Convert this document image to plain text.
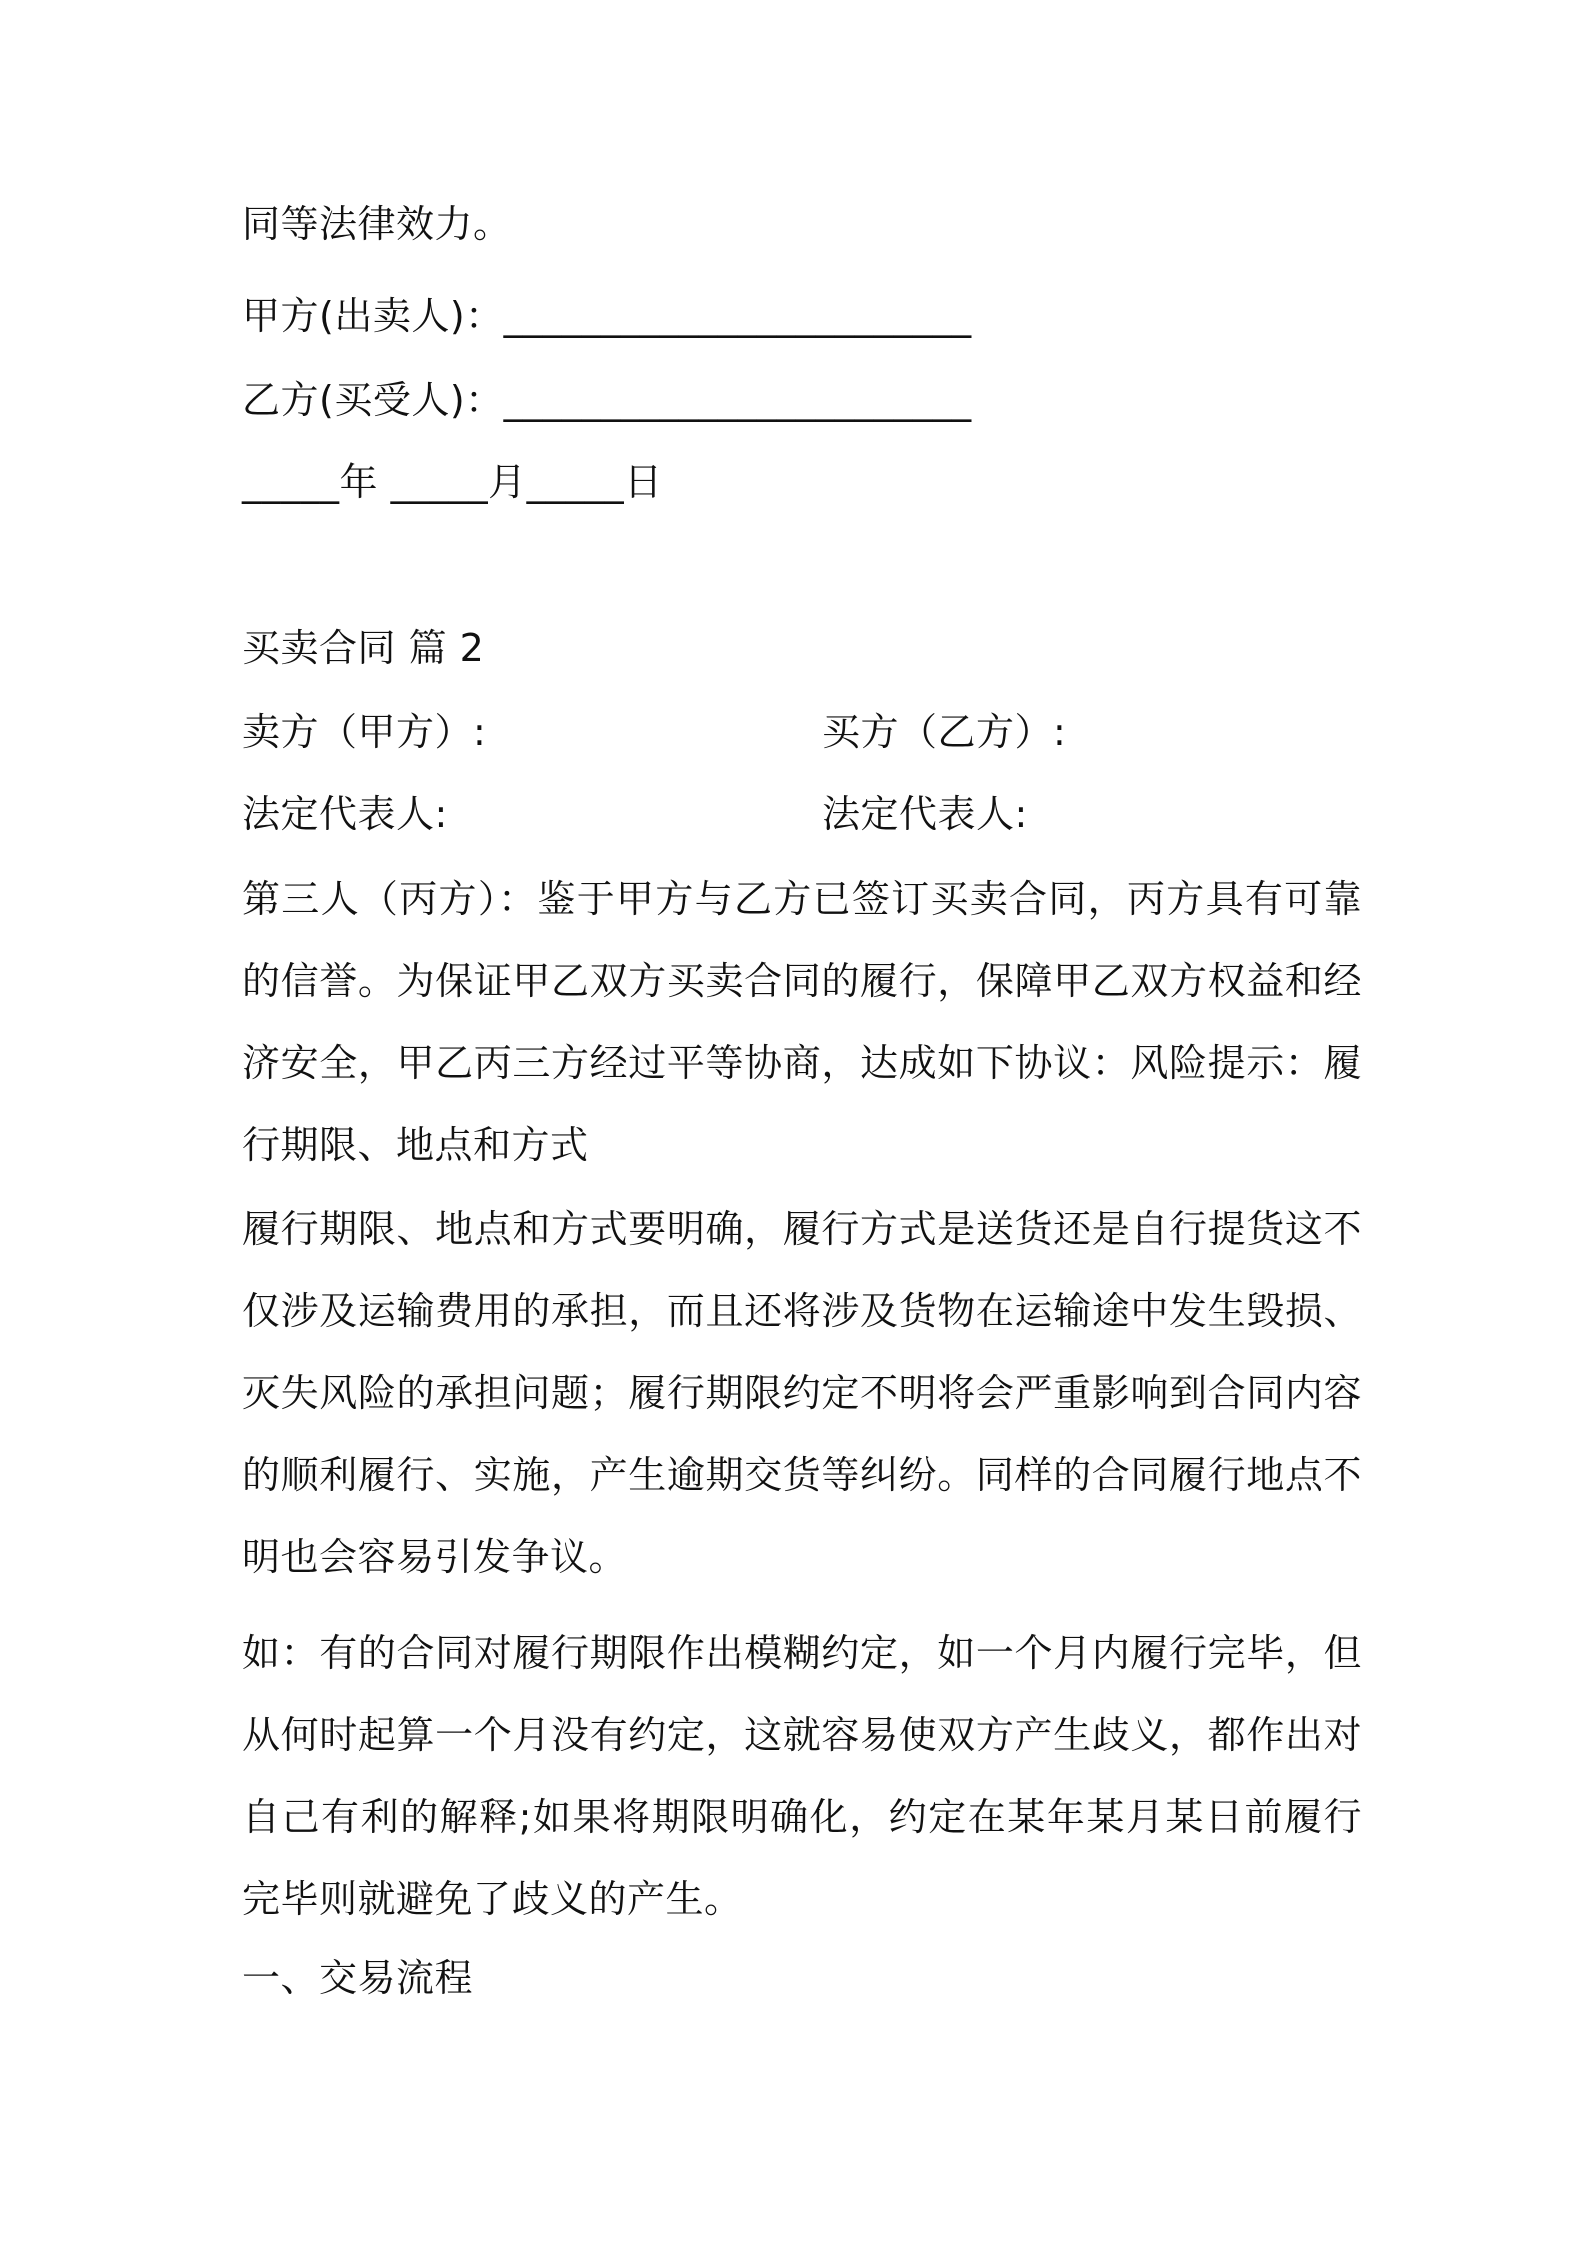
同等法律效力。
甲方(出卖人)：________________________
乙方(买受人)：________________________
_____年 _____月_____日
买卖合同 篇 2
卖方（甲方）:	买方（乙方）:
法定代表人:	法定代表人:
第三人（丙方）：鉴于甲方与乙方已签订买卖合同，丙方具有可靠的信誉。为保证甲乙双方买卖合同的履行，保障甲乙双方权益和经济安全，甲乙丙三方经过平等协商，达成如下协议：风险提示：履行期限、地点和方式
履行期限、地点和方式要明确，履行方式是送货还是自行提货这不仅涉及运输费用的承担，而且还将涉及货物在运输途中发生毁损、灭失风险的承担问题；履行期限约定不明将会严重影响到合同内容的顺利履行、实施，产生逾期交货等纠纷。同样的合同履行地点不明也会容易引发争议。
如：有的合同对履行期限作出模糊约定，如一个月内履行完毕，但从何时起算一个月没有约定，这就容易使双方产生歧义，都作出对自己有利的解释;如果将期限明确化，约定在某年某月某日前履行完毕则就避免了歧义的产生。
一、交易流程
